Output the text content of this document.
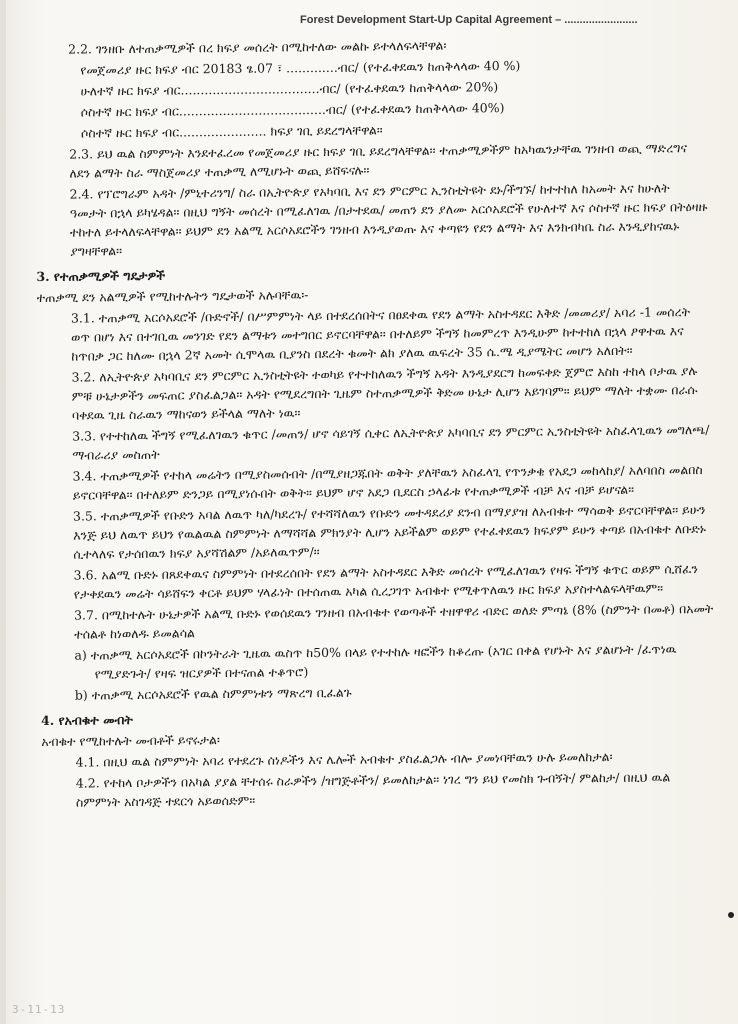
Forest Development Start-Up Capital Agreement – ........................
2.2. ገንዘቡ ለተጠቃሚዎች በረ ክፍያ መሰረት በሚከተለው መልኩ ይተላለፍላቸዋል፡
የመጀመሪያ ዙር ክፍያ ብር 20183 ፄ.07 ፣ .............ብር/ (የተፈቀደዉን ከጠቅላላው 40 %)
ሁለተኛ ዙር ክፍያ ብር...................................ብር/ (የተፈቀደዉን ከጠቅላላው 20%)
ሶስተኛ ዙር ክፍያ ብር.....................................ብር/ (የተፈቀደዉን ከጠቅላላው 40%)
ሶስተኛ ዙር ክፍያ ብር...................... ክፍያ ገቢ ይደረግላቸዋል፡፡
2.3. ይህ ዉል ስምምነት እንደተፈረመ የመጀመሪያ ዙር ክፍያ ገቢ ይደረግላቸዋል፡፡ ተጠቃሚዎችም ከአካዉንታቸዉ ገንዘብ ወጪ ማድረግና ለደን ልማት ስራ ማስጀመሪያ ተጠቃሚ ለሚሆኑት ወጪ ይሸፍናሉ፡፡
2.4. የፕሮግራም አዳት /ምኒተሪንግ/ ስራ በኢትዮጵያ የአካባቢ እና ደን ምርምር ኢንስቲትዩት ደኑ/ችግኙ/ ከተተከለ ከአመት እና ከሁለት ዓመታት በኋላ ይካሄዳል፡፡ በዚህ ግኝት መሰረት በሚፈለገዉ /በታተደዉ/ መጠን ደን ያለሙ አርሶአደሮች የሁለተኛ እና ሶስተኛ ዙር ክፍያ በትዕዛዙ ተከተለ ይተላለፍላቸዋል፡፡ ይህም ደን አልሚ አርሶአደሮችን ገንዘብ እንዲያወጡ እና ቀጣዩን የደን ልማት እና እንክብካቤ ስራ እንዲያከናዉኑ ያግዛቸዋል፡፡
3. የተጠቃሚዎች ግዴታዎች
ተጠቃሚ ደን አልሚዎች የሚከተሉትን ግዴታወች አሉባቸዉ፡-
3.1. ተጠቃሚ አርሶአደሮች /ቡድኖች/ በሥምምነት ላይ በተደረሰበትና በፀደቀዉ የደን ልማት አስተዳደር እቅድ /መመሪያ/ አባሪ -1 መሰረት ወጥ በሆነ እና በተገቢዉ መንገድ የደን ልማቱን መተግበር ይኖርባቸዋል፡፡ በተለይም ችግኝ ከመምረጥ እንዲሁም ከተተከለ በኋላ ፆዋተዉ እና ከጥበቃ ጋር ከለሙ በኋላ 2ኛ አመት ሲሞላዉ ቢያንስ በደረት ቁመት ልክ ያለዉ ዉፍረት 35 ሴ.ሜ ዲያሜትር መሆን አለበት፡፡
3.2. ለኢትዮጵያ አካባቢና ደን ምርምር ኢንስቲትዩት ተወካይ የተተከለዉን ችግኝ አዳት እንዲያደርግ ከመፍቀድ ጀምሮ እስከ ተከላ ቦታዉ ያሉ ምቹ ሁኔታዎችን መፍጠር ያስፈልጋል፡፡ አዳት የሚደረግበት ጊዜም ስተጠቃሚዎች ቅድመ ሁኔታ ሊሆን አይገባም፡፡ ይህም ማለት ተቋሙ በራሱ ባቀደዉ ጊዜ ስራዉን ማከናወን ይችላል ማለት ነዉ፡፡
3.3. የተተከለዉ ችግኝ የሚፈለገዉን ቁጥር /መጠን/ ሆኖ ሳይገኝ ሲቀር ለኢትዮጵያ አካባቢና ደን ምርምር ኢንስቲትዩት አስፈላጊዉን መግለጫ/ማብራሪያ መስጠት
3.4. ተጠቃሚዎች የተከላ መሬትን በሚያስመሰብት /በሚያዘጋጁበት ወቅት ያለቸዉን አስፈላጊ የጥንቃቄ የአደጋ መከላከያ/ አለባበስ መልበስ ይኖርባቸዋል፡፡ በተለይም ድንጋይ በሚያነሱበት ወቅት፡፡ ይህም ሆኖ አደጋ ቢደርስ ኃላፊቱ የተጠቃሚዎች ብቻ እና ብቻ ይሆናል፡፡
3.5. ተጠቃሚዎች የቡድን አባል ለዉጥ ካለ/ካደረጉ/ የተሻሻለዉን የቡድን መተዳደሪያ ደንብ በማያያዝ ለአብቁተ ማሳወቅ ይኖርባቸዋል፡፡ ይሁን እንጅ ይህ ለዉጥ ይህን የዉልዉል ስምምነት ለማሻሻል ምክንያት ሊሆን አይችልም ወይም የተፈቀደዉን ክፍያም ይሁን ቀጣይ በአብቁተ ለቡድኑ ሲተላለፍ የታሰበዉን ክፍያ አያሻሽልም /አይለዉጥም/፡፡
3.6. አልሚ ቡድኑ በጸደቀዉና ስምምነት በተደረሰበት የደን ልማት አስተዳደር እቅድ መሰረት የሚፈለገዉን የዛፍ ችግኝ ቁጥር ወይም ሲሸፈን የታቀደዉን መሬት ሳይሸፍን ቀርቶ ይህም ሃላፊነት በተሰጠዉ አካል ሲረጋገጥ አብቁተ የሚቀጥለዉን ዙር ክፍያ አያስተላልፍላቸዉም፡፡
3.7. በሚከተሉት ሁኔታዎች አልሚ ቡድኑ የወሰደዉን ገንዘብ በአብቁተ የወጣቶች ተዘዋዋሪ ብድር ወለድ ምጣኔ (8% (ስምንት በመቶ) በአመት ተሰልቶ ከነወለዱ ይመልሳል
a) ተጠቃሚ አርሶአደሮች በኮንትራት ጊዜዉ ዉስጥ ከ50% በላይ የተተከሉ ዛፎችን ከቆረጡ (አገር በቀል የሆኑት እና ያልሆኑት /ፈጥነዉ የሚያድጉት/ የዛፍ ዝርያዎች በተናጠል ተቆጥሮ)
b) ተጠቃሚ አርሶአደሮች የዉል ስምምነቱን ማጽረግ ቢፈልጉ
4. የአብቁተ መብት
አብቁተ የሚከተሉት መብቶች ይኖሩታል፡
4.1. በዚህ ዉል ስምምነት አባሪ የተደረጉ ሰነዶችን እና ሌሎች አብቁተ ያስፈልጋሉ ብሎ ያመነባቸዉን ሁሉ ይመለከታል፡
4.2. የተከላ ቦታዎችን በአካል ያያል ቸተሰሩ ስራዎችን /ዝግጅቶችን/ ይመለከታል፡፡ ነገረ ግን ይህ የመስክ ጉብኝት/ ምልከታ/ በዚህ ዉል ስምምነት አስገዳጅ ተደርጎ አይወሰድም፡፡
3-11-13
